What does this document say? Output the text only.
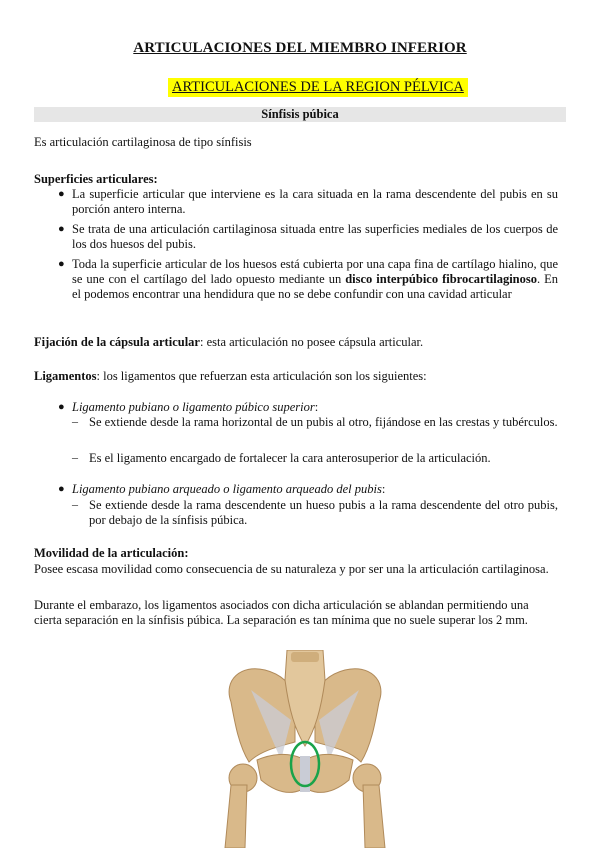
ARTICULACIONES DEL MIEMBRO INFERIOR
ARTICULACIONES DE LA REGION PÉLVICA
Sínfisis púbica
Es articulación cartilaginosa de tipo sínfisis
Superficies articulares:
● La superficie articular que interviene es la cara situada en la rama descendente del pubis en su porción antero interna.
● Se trata de una articulación cartilaginosa situada entre las superficies mediales de los cuerpos de los dos huesos del pubis.
● Toda la superficie articular de los huesos está cubierta por una capa fina de cartílago hialino, que se une con el cartílago del lado opuesto mediante un disco interpúbico fibrocartilaginoso. En el podemos encontrar una hendidura que no se debe confundir con una cavidad articular
Fijación de la cápsula articular: esta articulación no posee cápsula articular.
Ligamentos: los ligamentos que refuerzan esta articulación son los siguientes:
● Ligamento pubiano o ligamento púbico superior:
– Se extiende desde la rama horizontal de un pubis al otro, fijándose en las crestas y tubérculos.
– Es el ligamento encargado de fortalecer la cara anterosuperior de la articulación.
● Ligamento pubiano arqueado o ligamento arqueado del pubis:
– Se extiende desde la rama descendente un hueso pubis a la rama descendente del otro pubis, por debajo de la sínfisis púbica.
Movilidad de la articulación:
Posee escasa movilidad como consecuencia de su naturaleza y por ser una la articulación cartilaginosa.
Durante el embarazo, los ligamentos asociados con dicha articulación se ablandan permitiendo una cierta separación en la sínfisis púbica. La separación es tan mínima que no suele superar los 2 mm.
